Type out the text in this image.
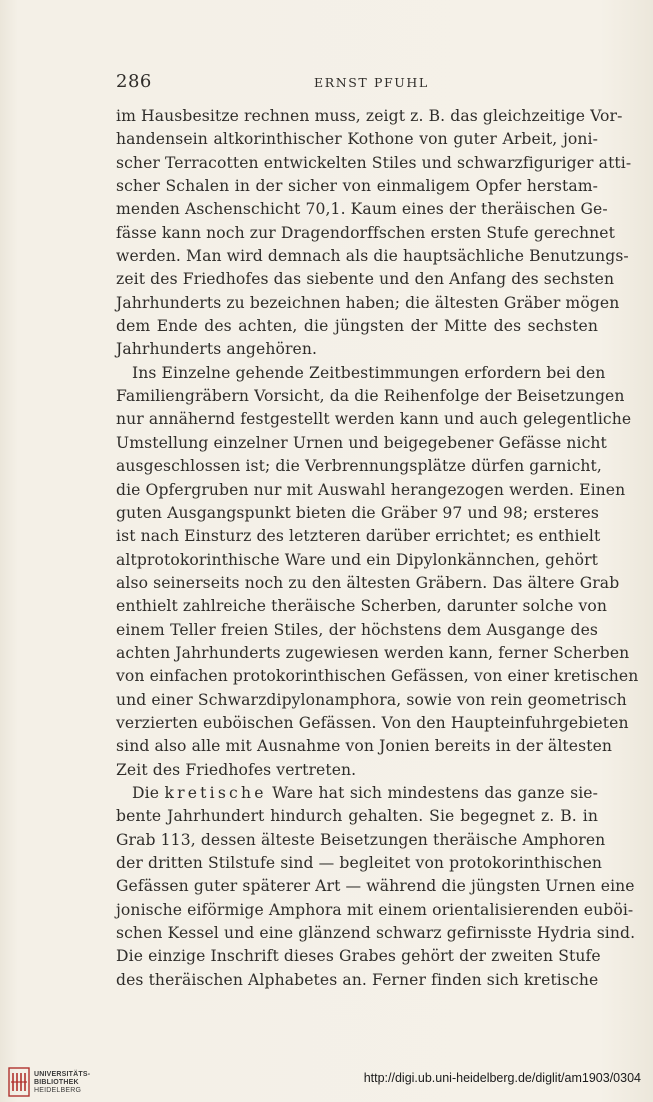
286	ERNST PFUHL
im Hausbesitze rechnen muss, zeigt z. B. das gleichzeitige Vor-
handensein altkorinthischer Kothone von guter Arbeit, joni-
scher Terracotten entwickelten Stiles und schwarzfiguriger atti-
scher Schalen in der sicher von einmaligem Opfer herstam-
menden Aschenschicht 70,1. Kaum eines der theräischen Ge-
fässe kann noch zur Dragendorffschen ersten Stufe gerechnet
werden. Man wird demnach als die hauptsächliche Benutzungs-
zeit des Friedhofes das siebente und den Anfang des sechsten
Jahrhunderts zu bezeichnen haben; die ältesten Gräber mögen
dem Ende des achten, die jüngsten der Mitte des sechsten
Jahrhunderts angehören.
Ins Einzelne gehende Zeitbestimmungen erfordern bei den
Familiengräbern Vorsicht, da die Reihenfolge der Beisetzungen
nur annähernd festgestellt werden kann und auch gelegentliche
Umstellung einzelner Urnen und beigegebener Gefässe nicht
ausgeschlossen ist; die Verbrennungsplätze dürfen garnicht,
die Opfergruben nur mit Auswahl herangezogen werden. Einen
guten Ausgangspunkt bieten die Gräber 97 und 98; ersteres
ist nach Einsturz des letzteren darüber errichtet; es enthielt
altprotokorinthische Ware und ein Dipylonkännchen, gehört
also seinerseits noch zu den ältesten Gräbern. Das ältere Grab
enthielt zahlreiche theräische Scherben, darunter solche von
einem Teller freien Stiles, der höchstens dem Ausgange des
achten Jahrhunderts zugewiesen werden kann, ferner Scherben
von einfachen protokorinthischen Gefässen, von einer kretischen
und einer Schwarzdipylonamphora, sowie von rein geometrisch
verzierten euböischen Gefässen. Von den Haupteinfuhrgebieten
sind also alle mit Ausnahme von Jonien bereits in der ältesten
Zeit des Friedhofes vertreten.
Die kretische Ware hat sich mindestens das ganze sie-
bente Jahrhundert hindurch gehalten. Sie begegnet z. B. in
Grab 113, dessen älteste Beisetzungen theräische Amphoren
der dritten Stilstufe sind — begleitet von protokorinthischen
Gefässen guter späterer Art — während die jüngsten Urnen eine
jonische eiförmige Amphora mit einem orientalisierenden euböi-
schen Kessel und eine glänzend schwarz gefirnisste Hydria sind.
Die einzige Inschrift dieses Grabes gehört der zweiten Stufe
des theräischen Alphabetes an. Ferner finden sich kretische
UNIVERSITÄTS-
BIBLIOTHEK
HEIDELBERG
http://digi.ub.uni-heidelberg.de/diglit/am1903/0304
